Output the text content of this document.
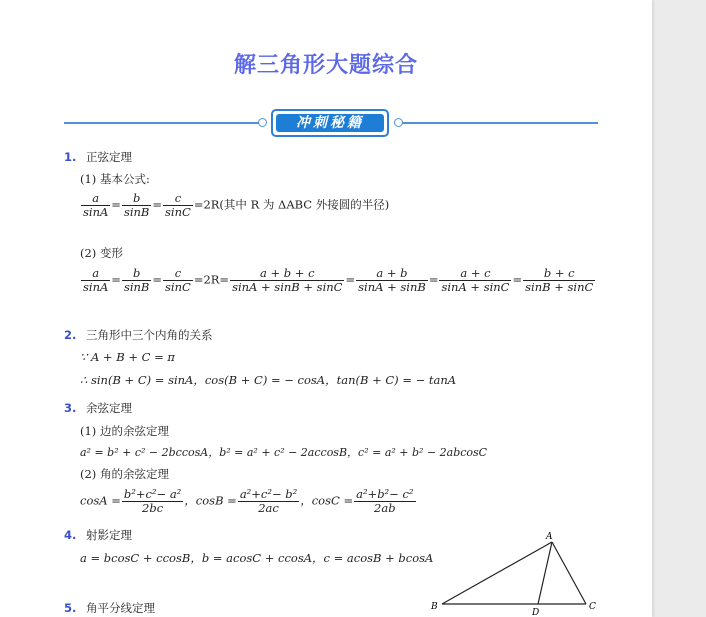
解三角形大题综合
冲刺秘籍
1. 正弦定理
(1) 基本公式:
$\frac{a}{\sin A} = \frac{b}{\sin B} = \frac{c}{\sin C} =2R$(其中 R 为 ΔABC 外接圆的半径)
(2) 变形
$\frac{a}{\sin A} = \frac{b}{\sin B} = \frac{c}{\sin C} =2R= \frac{a + b + c}{\sin A + \sin B + \sin C} = \frac{a + b}{\sin A + \sin B} = \frac{a + c}{\sin A + \sin C} = \frac{b + c}{\sin B + \sin C}$
2. 三角形中三个内角的关系
∵ A + B + C = π
∴ sin(B + C) = sinA，cos(B + C) = − cosA，tan(B + C) = − tanA
3. 余弦定理
(1) 边的余弦定理
a² = b² + c² − 2bccosA，b² = a² + c² − 2accosB，c² = a² + b² − 2abcosC
(2) 角的余弦定理
$\cos A = \frac{\text{b²+c²− a²}}{2bc}$ ，$\cos B = \frac{\text{a²+c²− b²}}{2ac}$ ，$\cos C = \frac{\text{a²+b²− c²}}{2ab}$
4. 射影定理
a = bcosC + ccosB，b = acosC + ccosA，c = acosB + bcosA
5. 角平分线定理
A
B	C
D
